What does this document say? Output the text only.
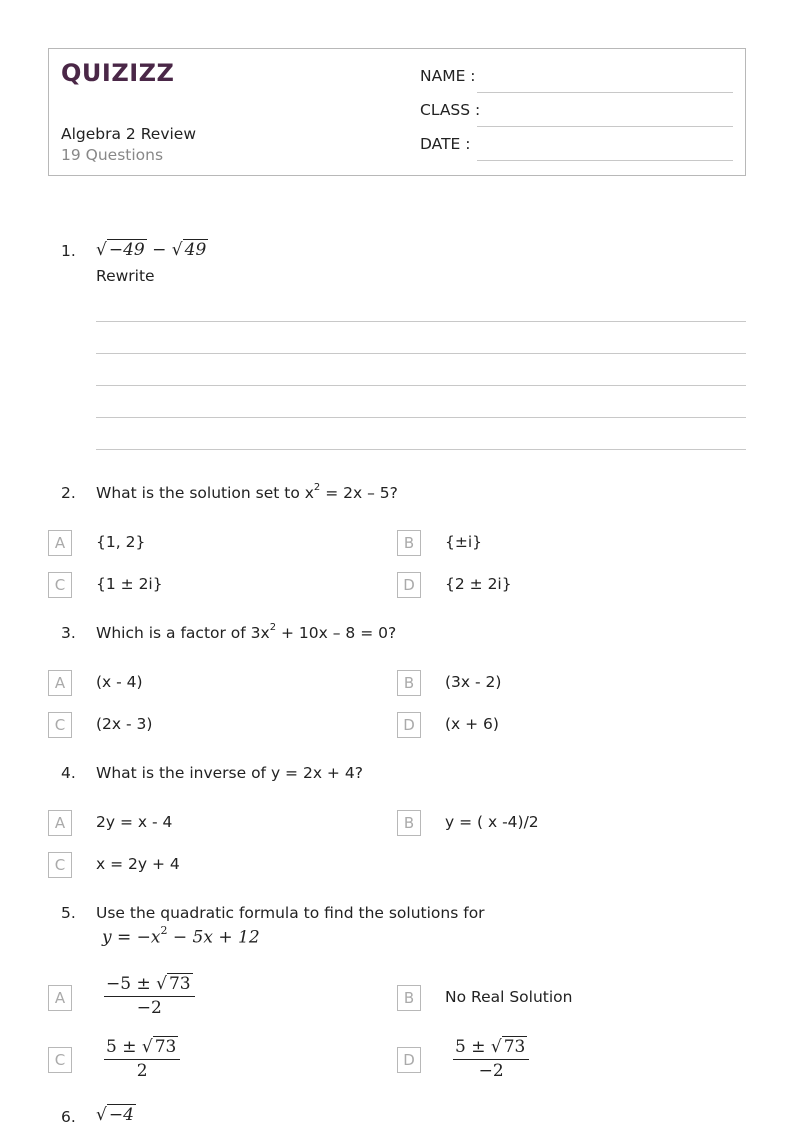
QUIZIZZ
Algebra 2 Review
19 Questions
NAME :
CLASS :
DATE :
1. √ −49 − √ 49
Rewrite
2. What is the solution set to $x^2 = 2x - 5$?
A	{1, 2}	B	{±i}
C	{1 ± 2i}	D	{2 ± 2i}
3. Which is a factor of $3x^2 + 10x - 8 = 0$?
A	(x - 4)	B	(3x - 2)
C	(2x - 3)	D	(x + 6)
4. What is the inverse of y = 2x + 4?
A	2y = x - 4	B	y = ( x -4)/2
C	x = 2y + 4
5. Use the quadratic formula to find the solutions for
$y = -x^2 - 5x + 12$
A	$\frac{-5 \pm √ 73}{-2}$	B	No Real Solution
C	$\frac{5 \pm √ 73}{2}$	D	$\frac{5 \pm √ 73}{-2}$
6. √ −4
